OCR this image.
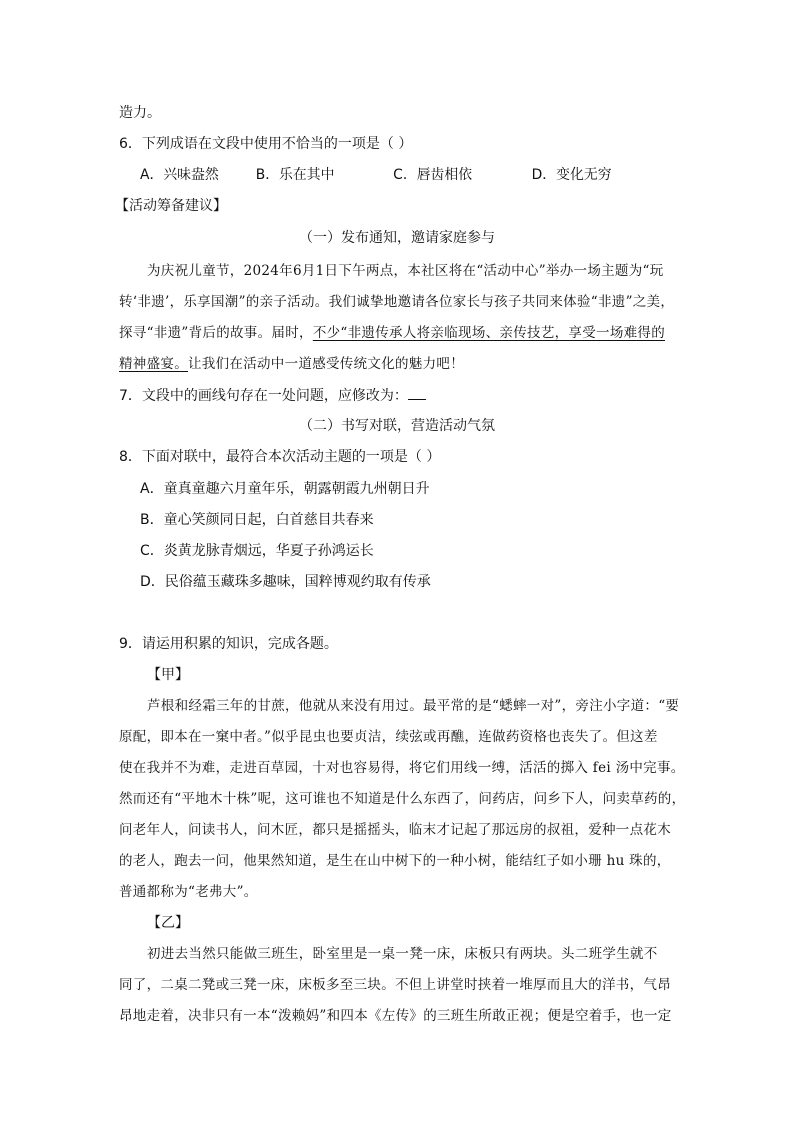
造力。
6．下列成语在文段中使用不恰当的一项是（ ）
A．兴味盎然	B．乐在其中	C．唇齿相依	D．变化无穷
【活动筹备建议】
（一）发布通知，邀请家庭参与
为庆祝儿童节，2024年6月1日下午两点，本社区将在“活动中心”举办一场主题为“玩
转‘非遗’，乐享国潮”的亲子活动。我们诚挚地邀请各位家长与孩子共同来体验“非遗”之美，
探寻“非遗”背后的故事。届时，不少“非遗传承人将亲临现场、亲传技艺，享受一场难得的
精神盛宴。让我们在活动中一道感受传统文化的魅力吧！
7．文段中的画线句存在一处问题，应修改为：
（二）书写对联，营造活动气氛
8．下面对联中，最符合本次活动主题的一项是（ ）
A．童真童趣六月童年乐，朝露朝霞九州朝日升
B．童心笑颜同日起，白首慈目共春来
C．炎黄龙脉青烟远，华夏子孙鸿运长
D．民俗蕴玉藏珠多趣味，国粹博观约取有传承
9．请运用积累的知识，完成各题。
【甲】
芦根和经霜三年的甘蔗，他就从来没有用过。最平常的是“蟋蟀一对”，旁注小字道：“要
原配，即本在一窠中者。”似乎昆虫也要贞洁，续弦或再醮，连做药资格也丧失了。但这差
使在我并不为难，走进百草园，十对也容易得，将它们用线一缚，活活的掷入 fei 汤中完事。
然而还有“平地木十株”呢，这可谁也不知道是什么东西了，问药店，问乡下人，问卖草药的，
问老年人，问读书人，问木匠，都只是摇摇头，临末才记起了那远房的叔祖，爱种一点花木
的老人，跑去一问，他果然知道，是生在山中树下的一种小树，能结红子如小珊 hu 珠的，
普通都称为“老弗大”。
【乙】
初进去当然只能做三班生，卧室里是一桌一凳一床，床板只有两块。头二班学生就不
同了，二桌二凳或三凳一床，床板多至三块。不但上讲堂时挟着一堆厚而且大的洋书，气昂
昂地走着，决非只有一本“泼赖妈”和四本《左传》的三班生所敢正视；便是空着手，也一定
